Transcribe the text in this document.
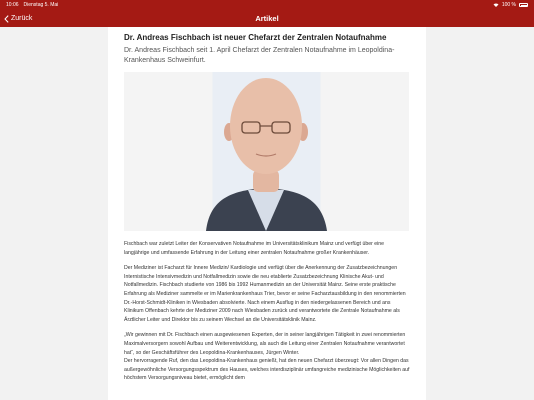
10:06 Dienstag 5. Mai	100 %
Zurück	Artikel
Dr. Andreas Fischbach ist neuer Chefarzt der Zentralen Notaufnahme
Dr. Andreas Fischbach seit 1. April Chefarzt der Zentralen Notaufnahme im Leopoldina-Krankenhaus Schweinfurt.
Fischbach war zuletzt Leiter der Konservativen Notaufnahme im Universitätsklinikum Mainz und verfügt über eine langjährige und umfassende Erfahrung in der Leitung einer zentralen Notaufnahme großer Krankenhäuser.
Der Mediziner ist Facharzt für Innere Medizin/ Kardiologie und verfügt über die Anerkennung der Zusatzbezeichnungen Internistische Intensivmedizin und Notfallmedizin sowie die neu etablierte Zusatzbezeichnung Klinische Akut- und Notfallmedizin. Fischbach studierte von 1986 bis 1992 Humanmedizin an der Universität Mainz. Seine erste praktische Erfahrung als Mediziner sammelte er im Marienkrankenhaus Trier, bevor er seine Facharztausbildung in den renommierten Dr.-Horst-Schmidt-Kliniken in Wiesbaden absolvierte. Nach einem Ausflug in den niedergelassenen Bereich und ans Klinikum Offenbach kehrte der Mediziner 2009 nach Wiesbaden zurück und verantwortete die Zentrale Notaufnahme als Ärztlicher Leiter und Direktor bis zu seinem Wechsel an die Universitätsklinik Mainz.
„Wir gewinnen mit Dr. Fischbach einen ausgewiesenen Experten, der in seiner langjährigen Tätigkeit in zwei renommierten Maximalversorgern sowohl Aufbau und Weiterentwicklung, als auch die Leitung einer Zentralen Notaufnahme verantwortet hat“, so der Geschäftsführer des Leopoldina-Krankenhauses, Jürgen Winter.
Der hervorragende Ruf, den das Leopoldina-Krankenhaus genießt, hat den neuen Chefarzt überzeugt: Vor allen Dingen das außergewöhnliche Versorgungsspektrum des Hauses, welches interdisziplinär umfangreiche medizinische Möglichkeiten auf höchstem Versorgungsniveau bietet, ermöglicht dem
